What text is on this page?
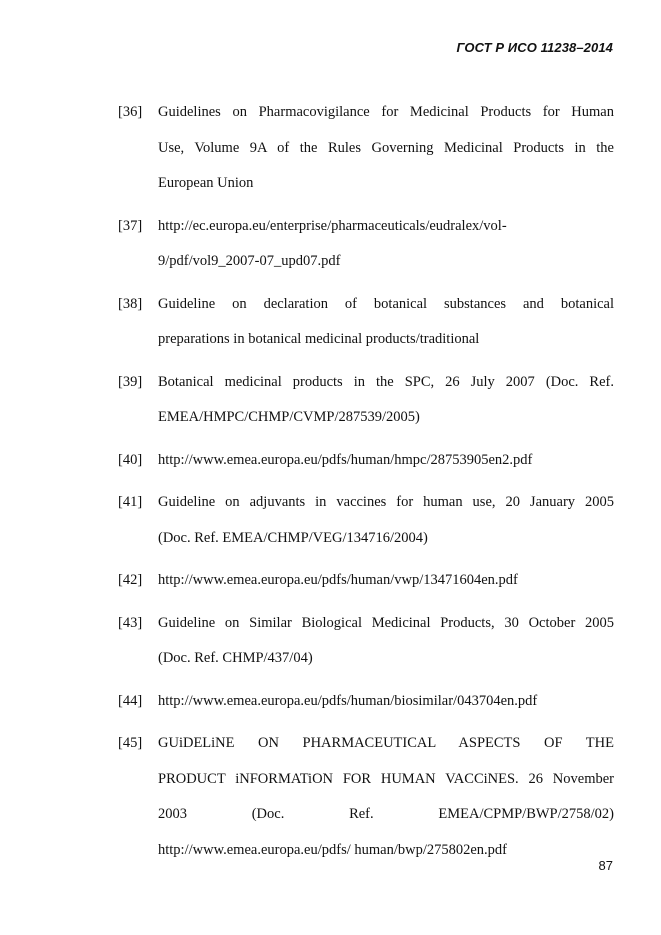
ГОСТ Р ИСО 11238–2014
[36] Guidelines on Pharmacovigilance for Medicinal Products for Human
Use, Volume 9A of the Rules Governing Medicinal Products in the
European Union
[37] http://ec.europa.eu/enterprise/pharmaceuticals/eudralex/vol-
9/pdf/vol9_2007-07_upd07.pdf
[38] Guideline on declaration of botanical substances and botanical
preparations in botanical medicinal products/traditional
[39] Botanical medicinal products in the SPC, 26 July 2007 (Doc. Ref.
EMEA/HMPC/CHMP/CVMP/287539/2005)
[40] http://www.emea.europa.eu/pdfs/human/hmpc/28753905en2.pdf
[41] Guideline on adjuvants in vaccines for human use, 20 January 2005
(Doc. Ref. EMEA/CHMP/VEG/134716/2004)
[42] http://www.emea.europa.eu/pdfs/human/vwp/13471604en.pdf
[43] Guideline on Similar Biological Medicinal Products, 30 October 2005
(Doc. Ref. CHMP/437/04)
[44] http://www.emea.europa.eu/pdfs/human/biosimilar/043704en.pdf
[45] GUiDELiNE ON PHARMACEUTICAL ASPECTS OF THE
PRODUCT iNFORMATiON FOR HUMAN VACCiNES. 26 November
2003 (Doc. Ref. EMEA/CPMP/BWP/2758/02)
http://www.emea.europa.eu/pdfs/ human/bwp/275802en.pdf
87
